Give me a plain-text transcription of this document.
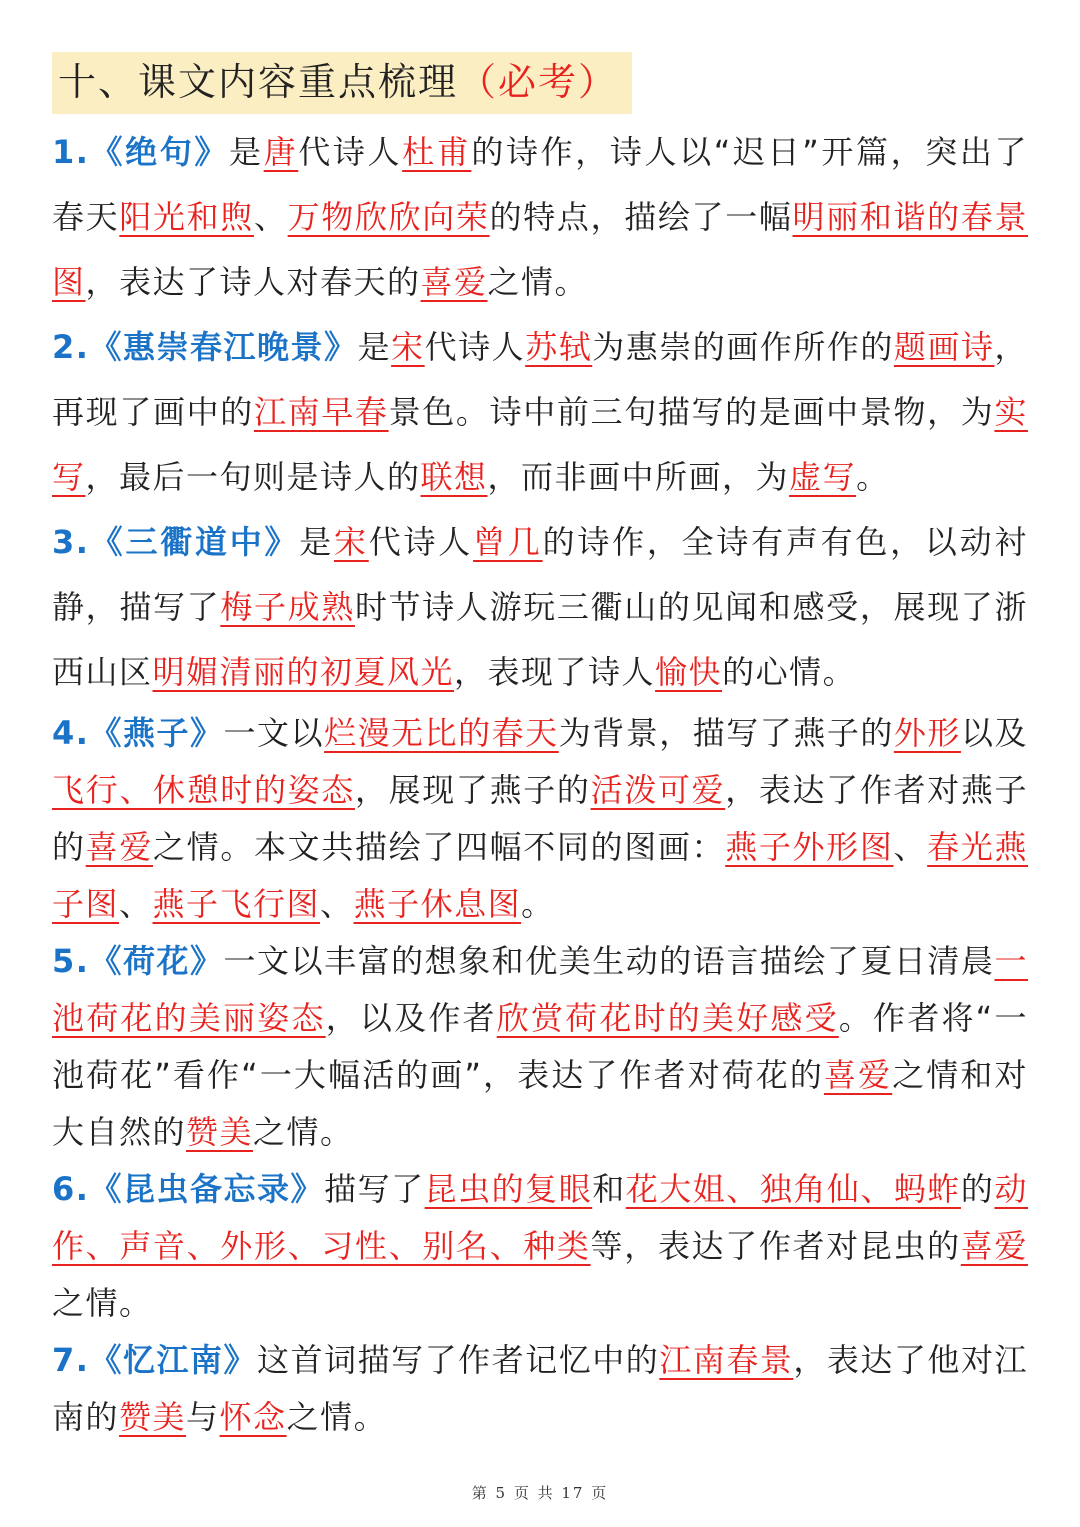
十、课文内容重点梳理（必考）
1.《绝句》是唐代诗人杜甫的诗作，诗人以“迟日”开篇，突出了春天阳光和煦、万物欣欣向荣的特点，描绘了一幅明丽和谐的春景图，表达了诗人对春天的喜爱之情。
2.《惠崇春江晚景》是宋代诗人苏轼为惠崇的画作所作的题画诗，再现了画中的江南早春景色。诗中前三句描写的是画中景物，为实写，最后一句则是诗人的联想，而非画中所画，为虚写。
3.《三衢道中》是宋代诗人曾几的诗作，全诗有声有色，以动衬静，描写了梅子成熟时节诗人游玩三衢山的见闻和感受，展现了浙西山区明媚清丽的初夏风光，表现了诗人愉快的心情。
4.《燕子》一文以烂漫无比的春天为背景，描写了燕子的外形以及飞行、休憩时的姿态，展现了燕子的活泼可爱，表达了作者对燕子的喜爱之情。本文共描绘了四幅不同的图画：燕子外形图、春光燕子图、燕子飞行图、燕子休息图。
5.《荷花》一文以丰富的想象和优美生动的语言描绘了夏日清晨一池荷花的美丽姿态，以及作者欣赏荷花时的美好感受。作者将“一池荷花”看作“一大幅活的画”，表达了作者对荷花的喜爱之情和对大自然的赞美之情。
6.《昆虫备忘录》描写了昆虫的复眼和花大姐、独角仙、蚂蚱的动作、声音、外形、习性、别名、种类等，表达了作者对昆虫的喜爱之情。
7.《忆江南》这首词描写了作者记忆中的江南春景，表达了他对江南的赞美与怀念之情。
第 5 页 共 17 页
